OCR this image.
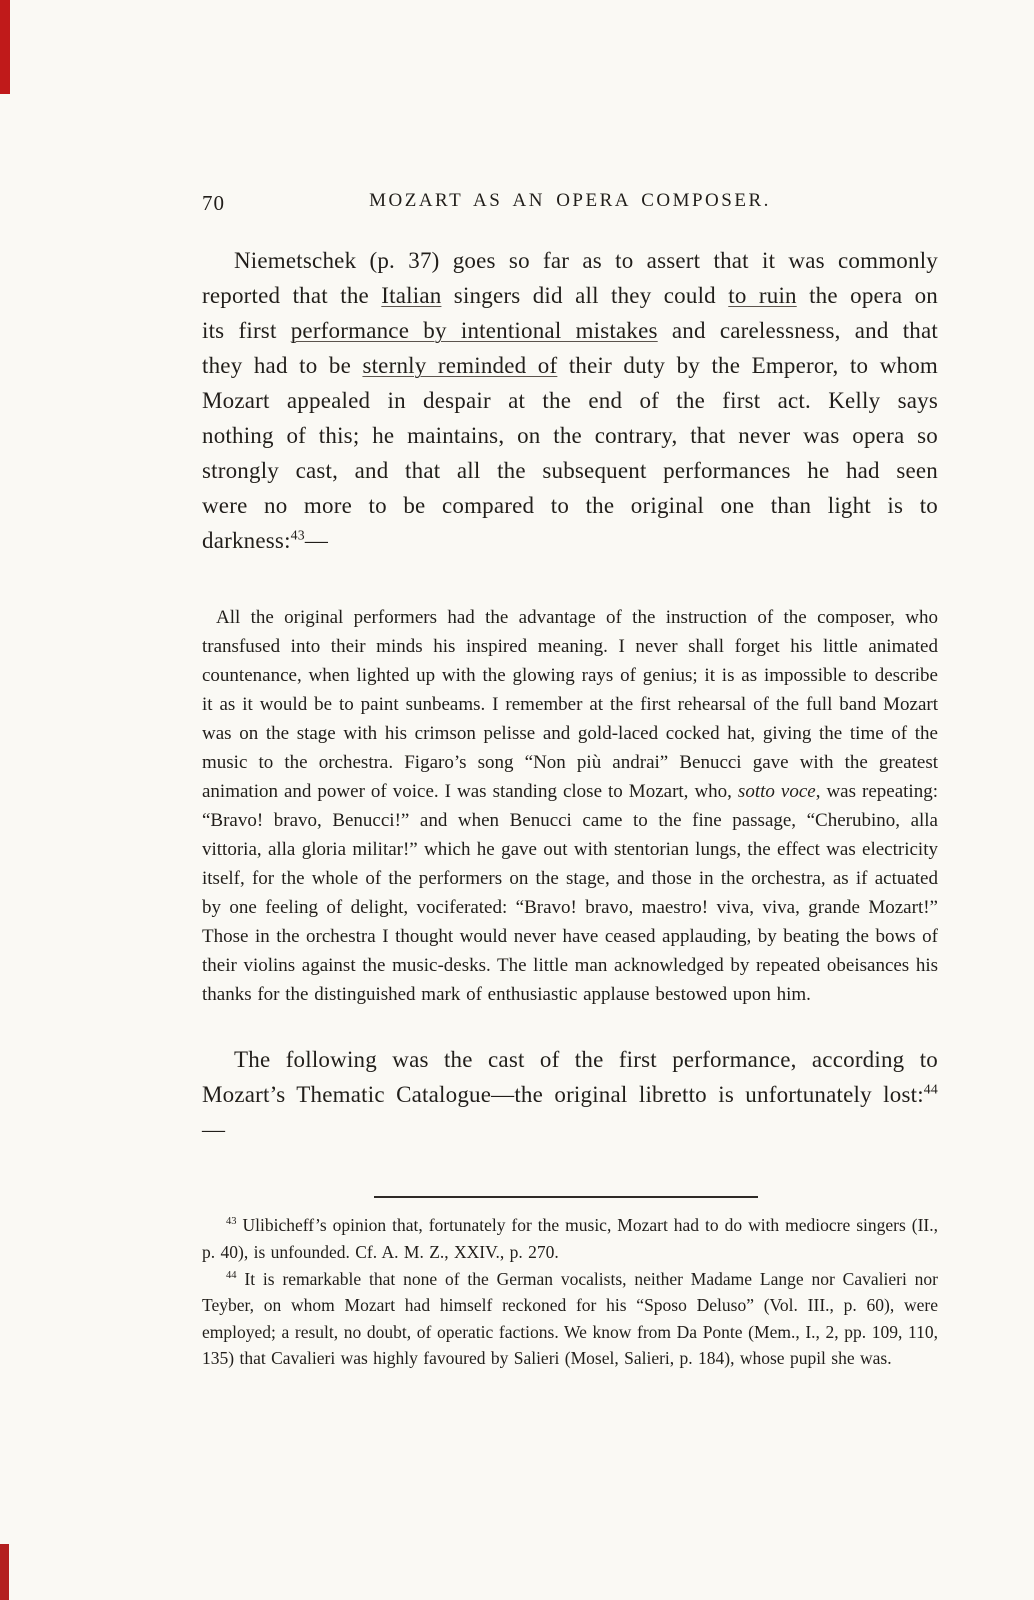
70	MOZART AS AN OPERA COMPOSER.

Niemetschek (p. 37) goes so far as to assert that it was commonly reported that the Italian singers did all they could to ruin the opera on its first performance by intentional mistakes and carelessness, and that they had to be sternly reminded of their duty by the Emperor, to whom Mozart appealed in despair at the end of the first act. Kelly says nothing of this; he maintains, on the contrary, that never was opera so strongly cast, and that all the subsequent performances he had seen were no more to be compared to the original one than light is to darkness:$^{43}$—

All the original performers had the advantage of the instruction of the composer, who transfused into their minds his inspired meaning. I never shall forget his little animated countenance, when lighted up with the glowing rays of genius; it is as impossible to describe it as it would be to paint sunbeams. I remember at the first rehearsal of the full band Mozart was on the stage with his crimson pelisse and gold-laced cocked hat, giving the time of the music to the orchestra. Figaro’s song “Non più andrai” Benucci gave with the greatest animation and power of voice. I was standing close to Mozart, who, sotto voce, was repeating: “Bravo! bravo, Benucci!” and when Benucci came to the fine passage, “Cherubino, alla vittoria, alla gloria militar!” which he gave out with stentorian lungs, the effect was electricity itself, for the whole of the performers on the stage, and those in the orchestra, as if actuated by one feeling of delight, vociferated: “Bravo! bravo, maestro! viva, viva, grande Mozart!” Those in the orchestra I thought would never have ceased applauding, by beating the bows of their violins against the music-desks. The little man acknowledged by repeated obeisances his thanks for the distinguished mark of enthusiastic applause bestowed upon him.

The following was the cast of the first performance, according to Mozart’s Thematic Catalogue—the original libretto is unfortunately lost:$^{44}$—

$^{43}$ Ulibicheff’s opinion that, fortunately for the music, Mozart had to do with mediocre singers (II., p. 40), is unfounded. Cf. A. M. Z., XXIV., p. 270.

$^{44}$ It is remarkable that none of the German vocalists, neither Madame Lange nor Cavalieri nor Teyber, on whom Mozart had himself reckoned for his “Sposo Deluso” (Vol. III., p. 60), were employed; a result, no doubt, of operatic factions. We know from Da Ponte (Mem., I., 2, pp. 109, 110, 135) that Cavalieri was highly favoured by Salieri (Mosel, Salieri, p. 184), whose pupil she was.
